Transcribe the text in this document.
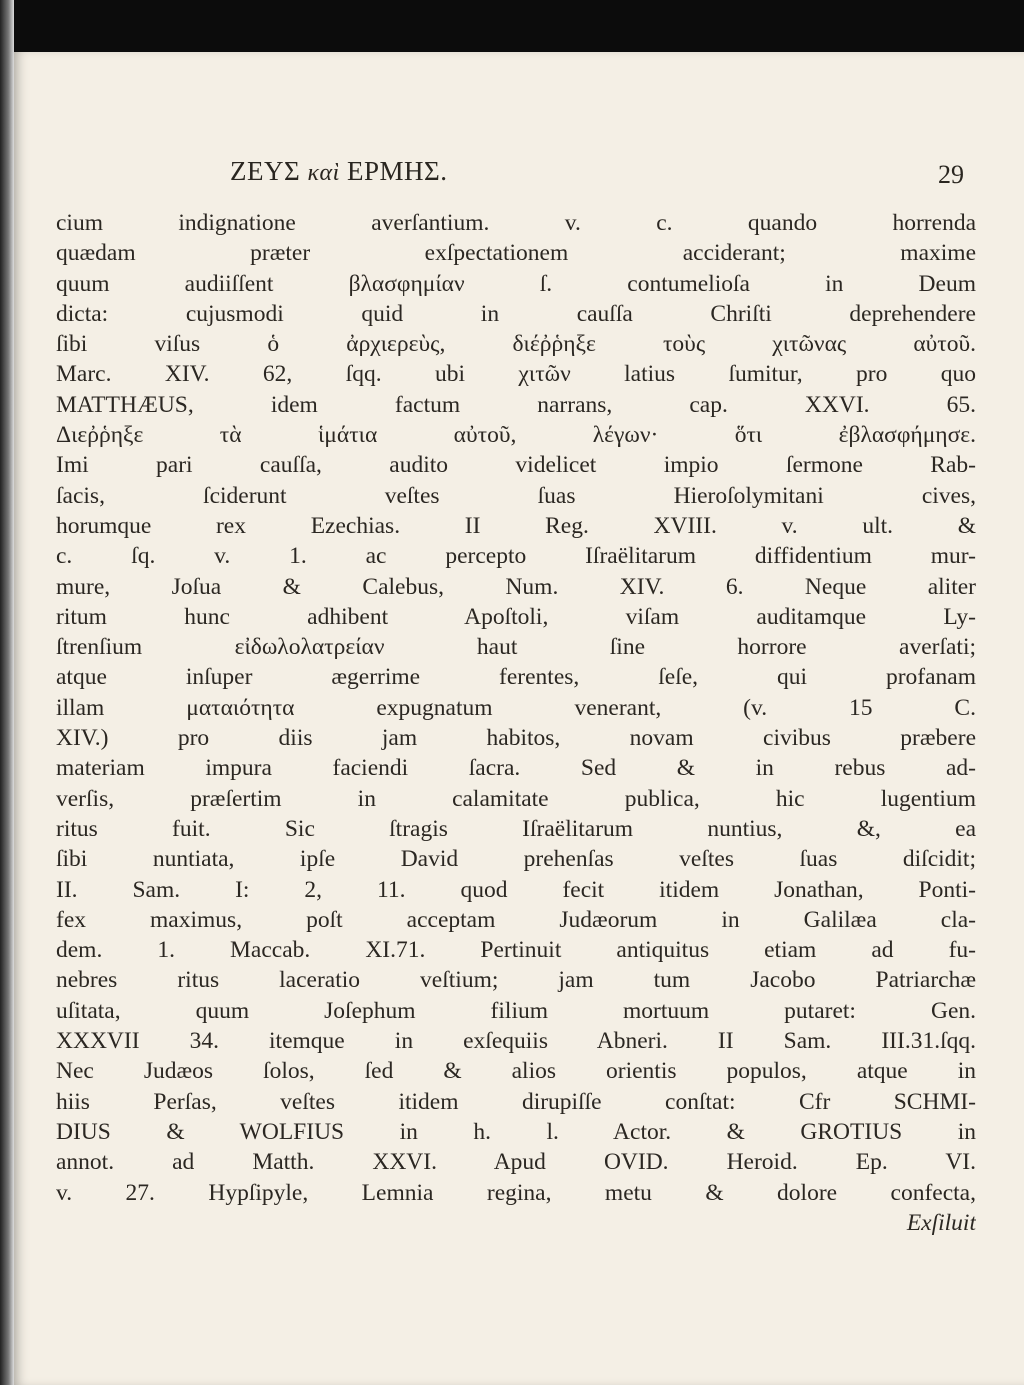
ZEΥΣ καὶ ΕΡΜΗΣ.	29
cium indignatione averſantium. v. c. quando horrenda
quædam præter exſpectationem acciderant; maxime
quum audiiſſent βλασφημίαν ſ. contumelioſa in Deum
dicta: cujusmodi quid in cauſſa Chriſti deprehendere
ſibi viſus ὁ ἀρχιερεὺς, διέῤῥηξε τοὺς χιτῶνας αὐτοῦ.
Marc. XIV. 62, ſqq. ubi χιτῶν latius ſumitur, pro quo
MATTHÆUS, idem factum narrans, cap. XXVI. 65.
Διεῤῥηξε τὰ ἱμάτια αὐτοῦ, λέγων· ὅτι ἐβλασφήμησε.
Imi pari cauſſa, audito videlicet impio ſermone Rab-
ſacis, ſciderunt veſtes ſuas Hieroſolymitani cives,
horumque rex Ezechias. II Reg. XVIII. v. ult. &
c. ſq. v. 1. ac percepto Iſraëlitarum diffidentium mur-
mure, Joſua & Calebus, Num. XIV. 6. Neque aliter
ritum hunc adhibent Apoſtoli, viſam auditamque Ly-
ſtrenſium εἰδωλολατρείαν haut ſine horrore averſati;
atque inſuper ægerrime ferentes, ſeſe, qui profanam
illam ματαιότητα expugnatum venerant, (v. 15 C.
XIV.) pro diis jam habitos, novam civibus præbere
materiam impura faciendi ſacra. Sed & in rebus ad-
verſis, præſertim in calamitate publica, hic lugentium
ritus fuit. Sic ſtragis Iſraëlitarum nuntius, &, ea
ſibi nuntiata, ipſe David prehenſas veſtes ſuas diſcidit;
II. Sam. I: 2, 11. quod fecit itidem Jonathan, Ponti-
fex maximus, poſt acceptam Judæorum in Galilæa cla-
dem. 1. Maccab. XI.71. Pertinuit antiquitus etiam ad fu-
nebres ritus laceratio veſtium; jam tum Jacobo Patriarchæ
uſitata, quum Joſephum filium mortuum putaret: Gen.
XXXVII 34. itemque in exſequiis Abneri. II Sam. III.31.ſqq.
Nec Judæos ſolos, ſed & alios orientis populos, atque in
hiis Perſas, veſtes itidem dirupiſſe conſtat: Cfr SCHMI-
DIUS & WOLFIUS in h. l. Actor. & GROTIUS in
annot. ad Matth. XXVI. Apud OVID. Heroid. Ep. VI.
v. 27. Hypſipyle, Lemnia regina, metu & dolore confecta,
Exſiluit
